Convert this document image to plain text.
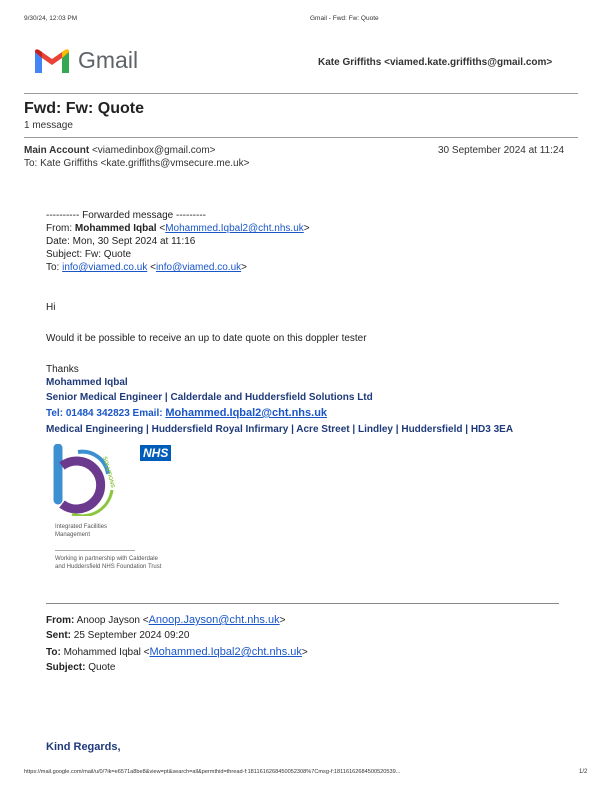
9/30/24, 12:03 PM	Gmail - Fwd: Fw: Quote
Gmail	Kate Griffiths <viamed.kate.griffiths@gmail.com>
Fwd: Fw: Quote
1 message
Main Account <viamedinbox@gmail.com>	30 September 2024 at 11:24
To: Kate Griffiths <kate.griffiths@vmsecure.me.uk>
---------- Forwarded message ---------
From: Mohammed Iqbal <Mohammed.Iqbal2@cht.nhs.uk>
Date: Mon, 30 Sept 2024 at 11:16
Subject: Fw: Quote
To: info@viamed.co.uk <info@viamed.co.uk>
Hi
Would it be possible to receive an up to date quote on this doppler tester
Thanks
Mohammed Iqbal
Senior Medical Engineer | Calderdale and Huddersfield Solutions Ltd
Tel: 01484 342823 Email: Mohammed.Iqbal2@cht.nhs.uk
Medical Engineering | Huddersfield Royal Infirmary | Acre Street | Lindley | Huddersfield | HD3 3EA
SOLUTIONS
Integrated Facilities
Management
Working in partnership with Calderdale
and Huddersfield NHS Foundation Trust
NHS
From: Anoop Jayson <Anoop.Jayson@cht.nhs.uk>
Sent: 25 September 2024 09:20
To: Mohammed Iqbal <Mohammed.Iqbal2@cht.nhs.uk>
Subject: Quote
Kind Regards,
https://mail.google.com/mail/u/0/?ik=e6571a8be8&view=pt&search=all&permthid=thread-f:1811616268450052308%7Cmsg-f:18116162684500520539...	1/2
